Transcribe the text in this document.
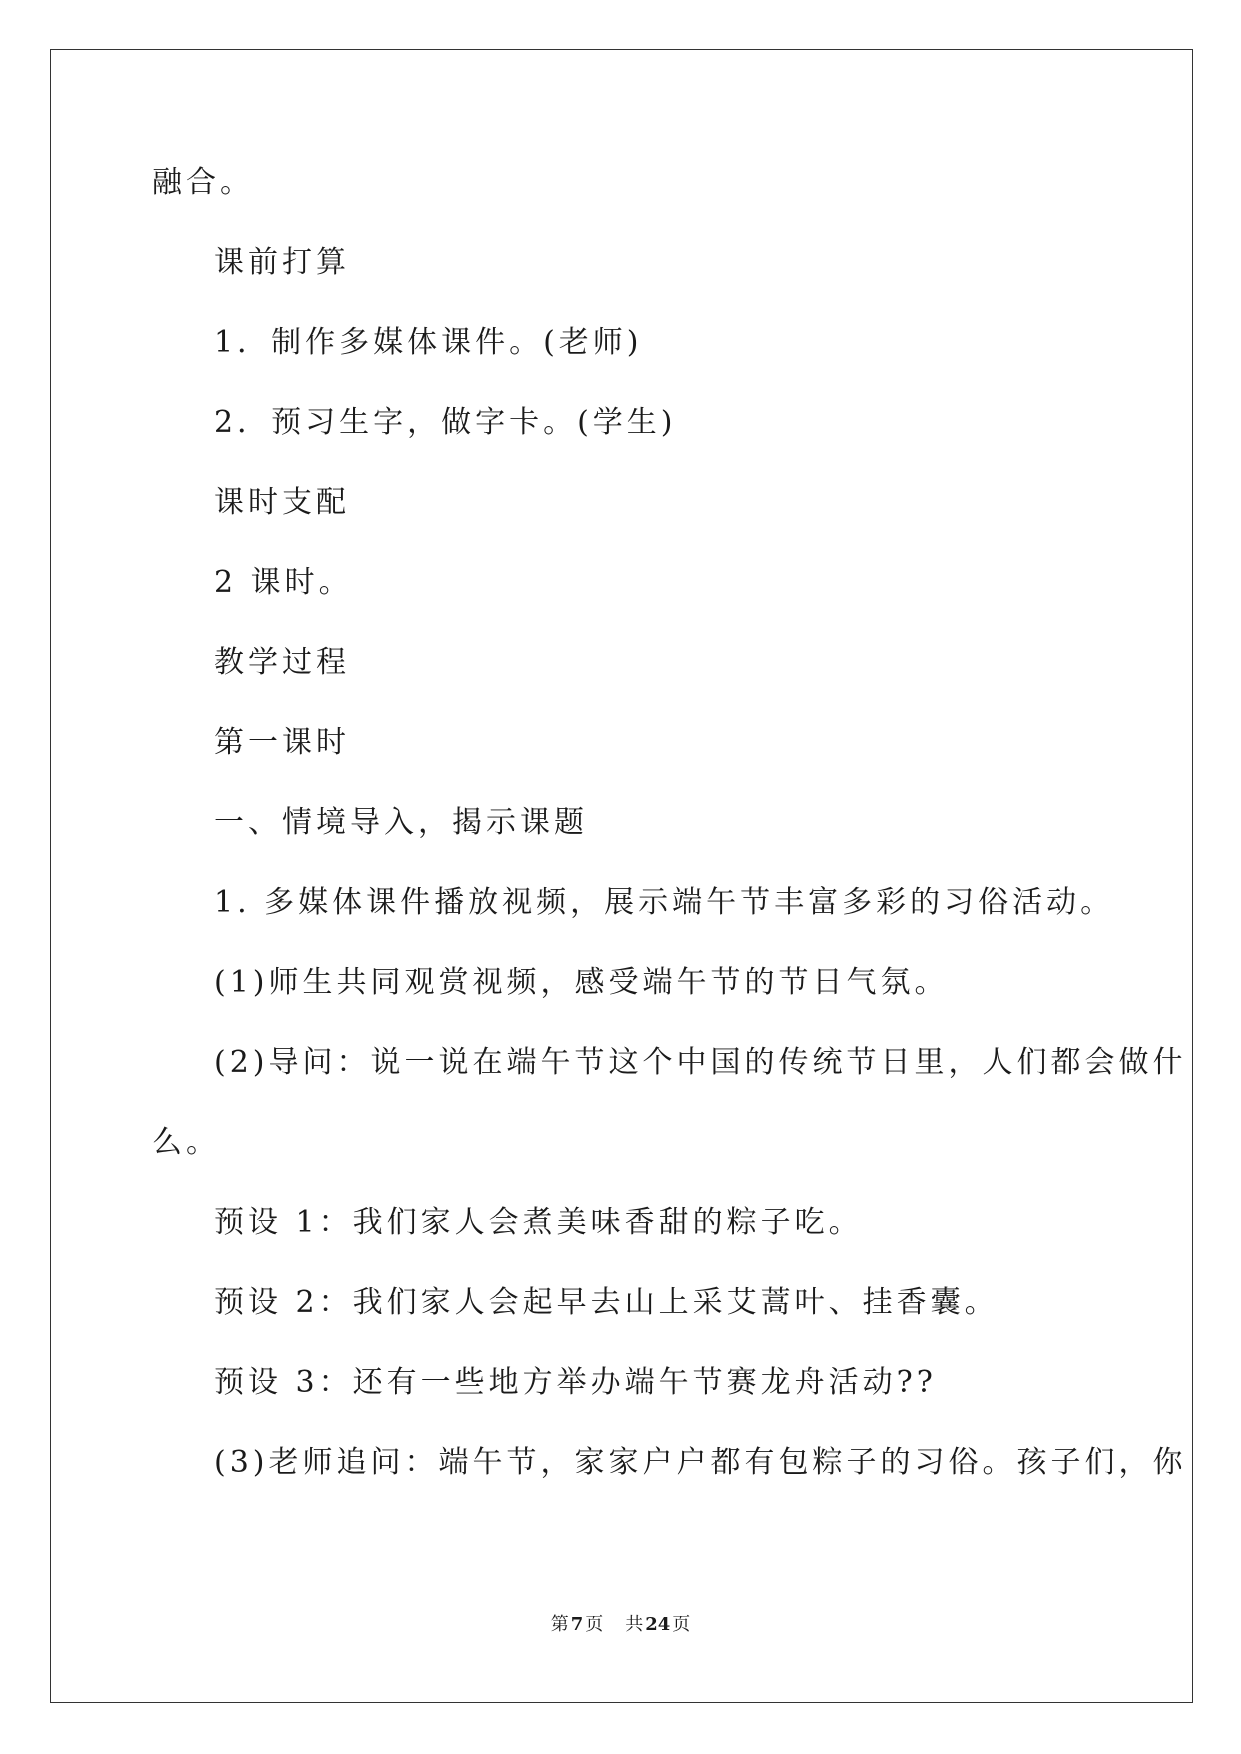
融合。
课前打算
1．制作多媒体课件。(老师)
2．预习生字，做字卡。(学生)
课时支配
2 课时。
教学过程
第一课时
一、情境导入，揭示课题
1. 多媒体课件播放视频，展示端午节丰富多彩的习俗活动。
(1)师生共同观赏视频，感受端午节的节日气氛。
(2)导问：说一说在端午节这个中国的传统节日里，人们都会做什
么。
预设 1：我们家人会煮美味香甜的粽子吃。
预设 2：我们家人会起早去山上采艾蒿叶、挂香囊。
预设 3：还有一些地方举办端午节赛龙舟活动??
(3)老师追问：端午节，家家户户都有包粽子的习俗。孩子们，你
第 7 页 共 24 页
